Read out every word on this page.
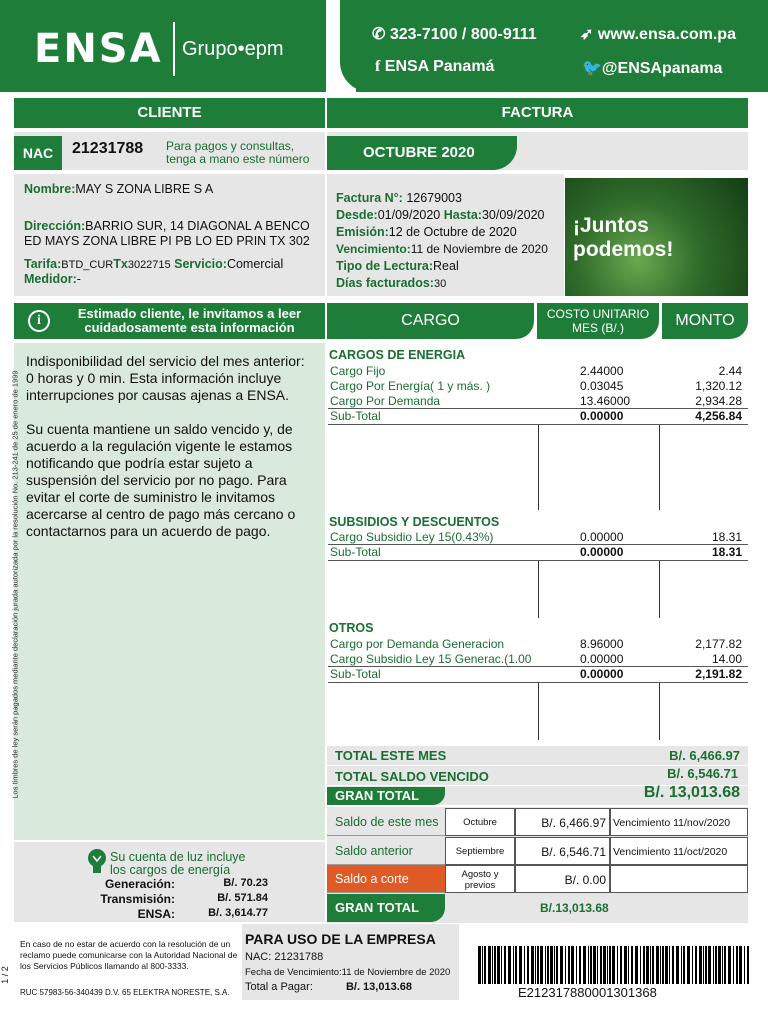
ENSA Grupo•epm
✆ 323-7100 / 800-9111	➶ www.ensa.com.pa
f ENSA Panamá	🐦@ENSApanama
CLIENTE	FACTURA
NAC	21231788 Para pagos y consultas,
tenga a mano este número	OCTUBRE 2020
Nombre:MAY S ZONA LIBRE S A
Dirección:BARRIO SUR, 14 DIAGONAL A BENCO
ED MAYS ZONA LIBRE PI PB LO ED PRIN TX 302
Tarifa:BTD_CURTx3022715 Servicio:Comercial
Medidor:-
Factura N°: 12679003
Desde:01/09/2020 Hasta:30/09/2020
Emisión:12 de Octubre de 2020
Vencimiento:11 de Noviembre de 2020
Tipo de Lectura:Real
Días facturados:30
¡Juntos podemos!
i	Estimado cliente, le invitamos a leer
cuidadosamente esta información

Indisponibilidad del servicio del mes anterior: 0 horas y 0 min. Esta información incluye interrupciones por causas ajenas a ENSA.

Su cuenta mantiene un saldo vencido y, de acuerdo a la regulación vigente le estamos notificando que podría estar sujeto a suspensión del servicio por no pago. Para evitar el corte de suministro le invitamos acercarse al centro de pago más cercano o contactarnos para un acuerdo de pago.

Los timbres de ley serán pagados mediante declaración jurada autorizada por la resolución No. 213-241 de 25 de enero de 1999
CARGO	COSTO UNITARIO
MES (B/.)	MONTO
CARGOS DE ENERGIA
Cargo Fijo	2.44000	2.44
Cargo Por Energía( 1 y más. )	0.03045	1,320.12
Cargo Por Demanda	13.46000	2,934.28
Sub-Total	0.00000	4,256.84
SUBSIDIOS Y DESCUENTOS
Cargo Subsidio Ley 15(0.43%)	0.00000	18.31
Sub-Total	0.00000	18.31
OTROS
Cargo por Demanda Generacion	8.96000	2,177.82
Cargo Subsidio Ley 15 Generac.(1.00	0.00000	14.00
Sub-Total	0.00000	2,191.82
TOTAL ESTE MES	B/. 6,466.97
TOTAL SALDO VENCIDO	B/. 6,546.71
GRAN TOTAL	B/. 13,013.68
Saldo de este mes	Octubre	B/. 6,466.97 Vencimiento 11/nov/2020
Saldo anterior	Septiembre	B/. 6,546.71 Vencimiento 11/oct/2020
Saldo a corte	Agosto y previos	B/. 0.00
GRAN TOTAL	B/.13,013.68
Su cuenta de luz incluye
los cargos de energía
Generación:	B/. 70.23
Transmisión:	B/. 571.84
ENSA:	B/. 3,614.77
En caso de no estar de acuerdo con la resolución de un reclamo puede comunicarse con la Autoridad Nacional de los Servicios Públicos llamando al 800-3333.
RUC 57983-56-340439 D.V. 65 ELEKTRA NORESTE, S.A.
1 / 2
PARA USO DE LA EMPRESA
NAC: 21231788
Fecha de Vencimiento:11 de Noviembre de 2020
Total a Pagar:	B/. 13,013.68	E212317880001301368
